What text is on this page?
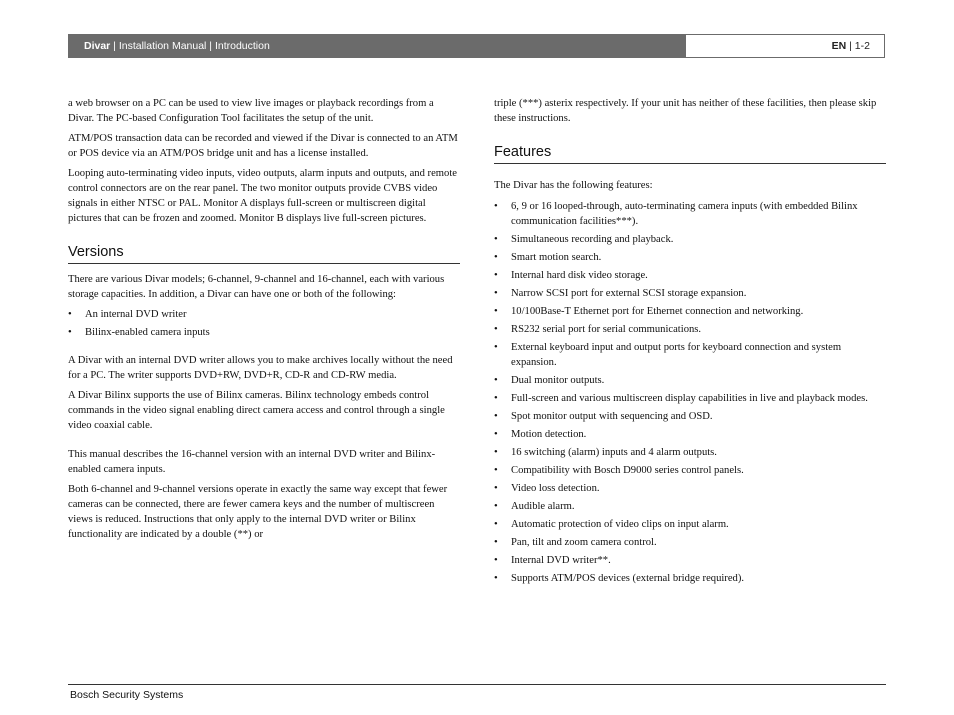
Divar | Installation Manual | Introduction	EN | 1-2

a web browser on a PC can be used to view live images or playback recordings from a Divar. The PC-based Configuration Tool facilitates the setup of the unit.

ATM/POS transaction data can be recorded and viewed if the Divar is connected to an ATM or POS device via an ATM/POS bridge unit and has a license installed.

Looping auto-terminating video inputs, video outputs, alarm inputs and outputs, and remote control connectors are on the rear panel. The two monitor outputs provide CVBS video signals in either NTSC or PAL. Monitor A displays full-screen or multiscreen digital pictures that can be frozen and zoomed. Monitor B displays live full-screen pictures.

Versions

There are various Divar models; 6-channel, 9-channel and 16-channel, each with various storage capacities. In addition, a Divar can have one or both of the following:

• An internal DVD writer
• Bilinx-enabled camera inputs

A Divar with an internal DVD writer allows you to make archives locally without the need for a PC. The writer supports DVD+RW, DVD+R, CD-R and CD-RW media.

A Divar Bilinx supports the use of Bilinx cameras. Bilinx technology embeds control commands in the video signal enabling direct camera access and control through a single video coaxial cable.

This manual describes the 16-channel version with an internal DVD writer and Bilinx-enabled camera inputs.

Both 6-channel and 9-channel versions operate in exactly the same way except that fewer cameras can be connected, there are fewer camera keys and the number of multiscreen views is reduced. Instructions that only apply to the internal DVD writer or Bilinx functionality are indicated by a double (**) or

triple (***) asterix respectively. If your unit has neither of these facilities, then please skip these instructions.

Features

The Divar has the following features:

• 6, 9 or 16 looped-through, auto-terminating camera inputs (with embedded Bilinx communication facilities***).
• Simultaneous recording and playback.
• Smart motion search.
• Internal hard disk video storage.
• Narrow SCSI port for external SCSI storage expansion.
• 10/100Base-T Ethernet port for Ethernet connection and networking.
• RS232 serial port for serial communications.
• External keyboard input and output ports for keyboard connection and system expansion.
• Dual monitor outputs.
• Full-screen and various multiscreen display capabilities in live and playback modes.
• Spot monitor output with sequencing and OSD.
• Motion detection.
• 16 switching (alarm) inputs and 4 alarm outputs.
• Compatibility with Bosch D9000 series control panels.
• Video loss detection.
• Audible alarm.
• Automatic protection of video clips on input alarm.
• Pan, tilt and zoom camera control.
• Internal DVD writer**.
• Supports ATM/POS devices (external bridge required).
Bosch Security Systems
